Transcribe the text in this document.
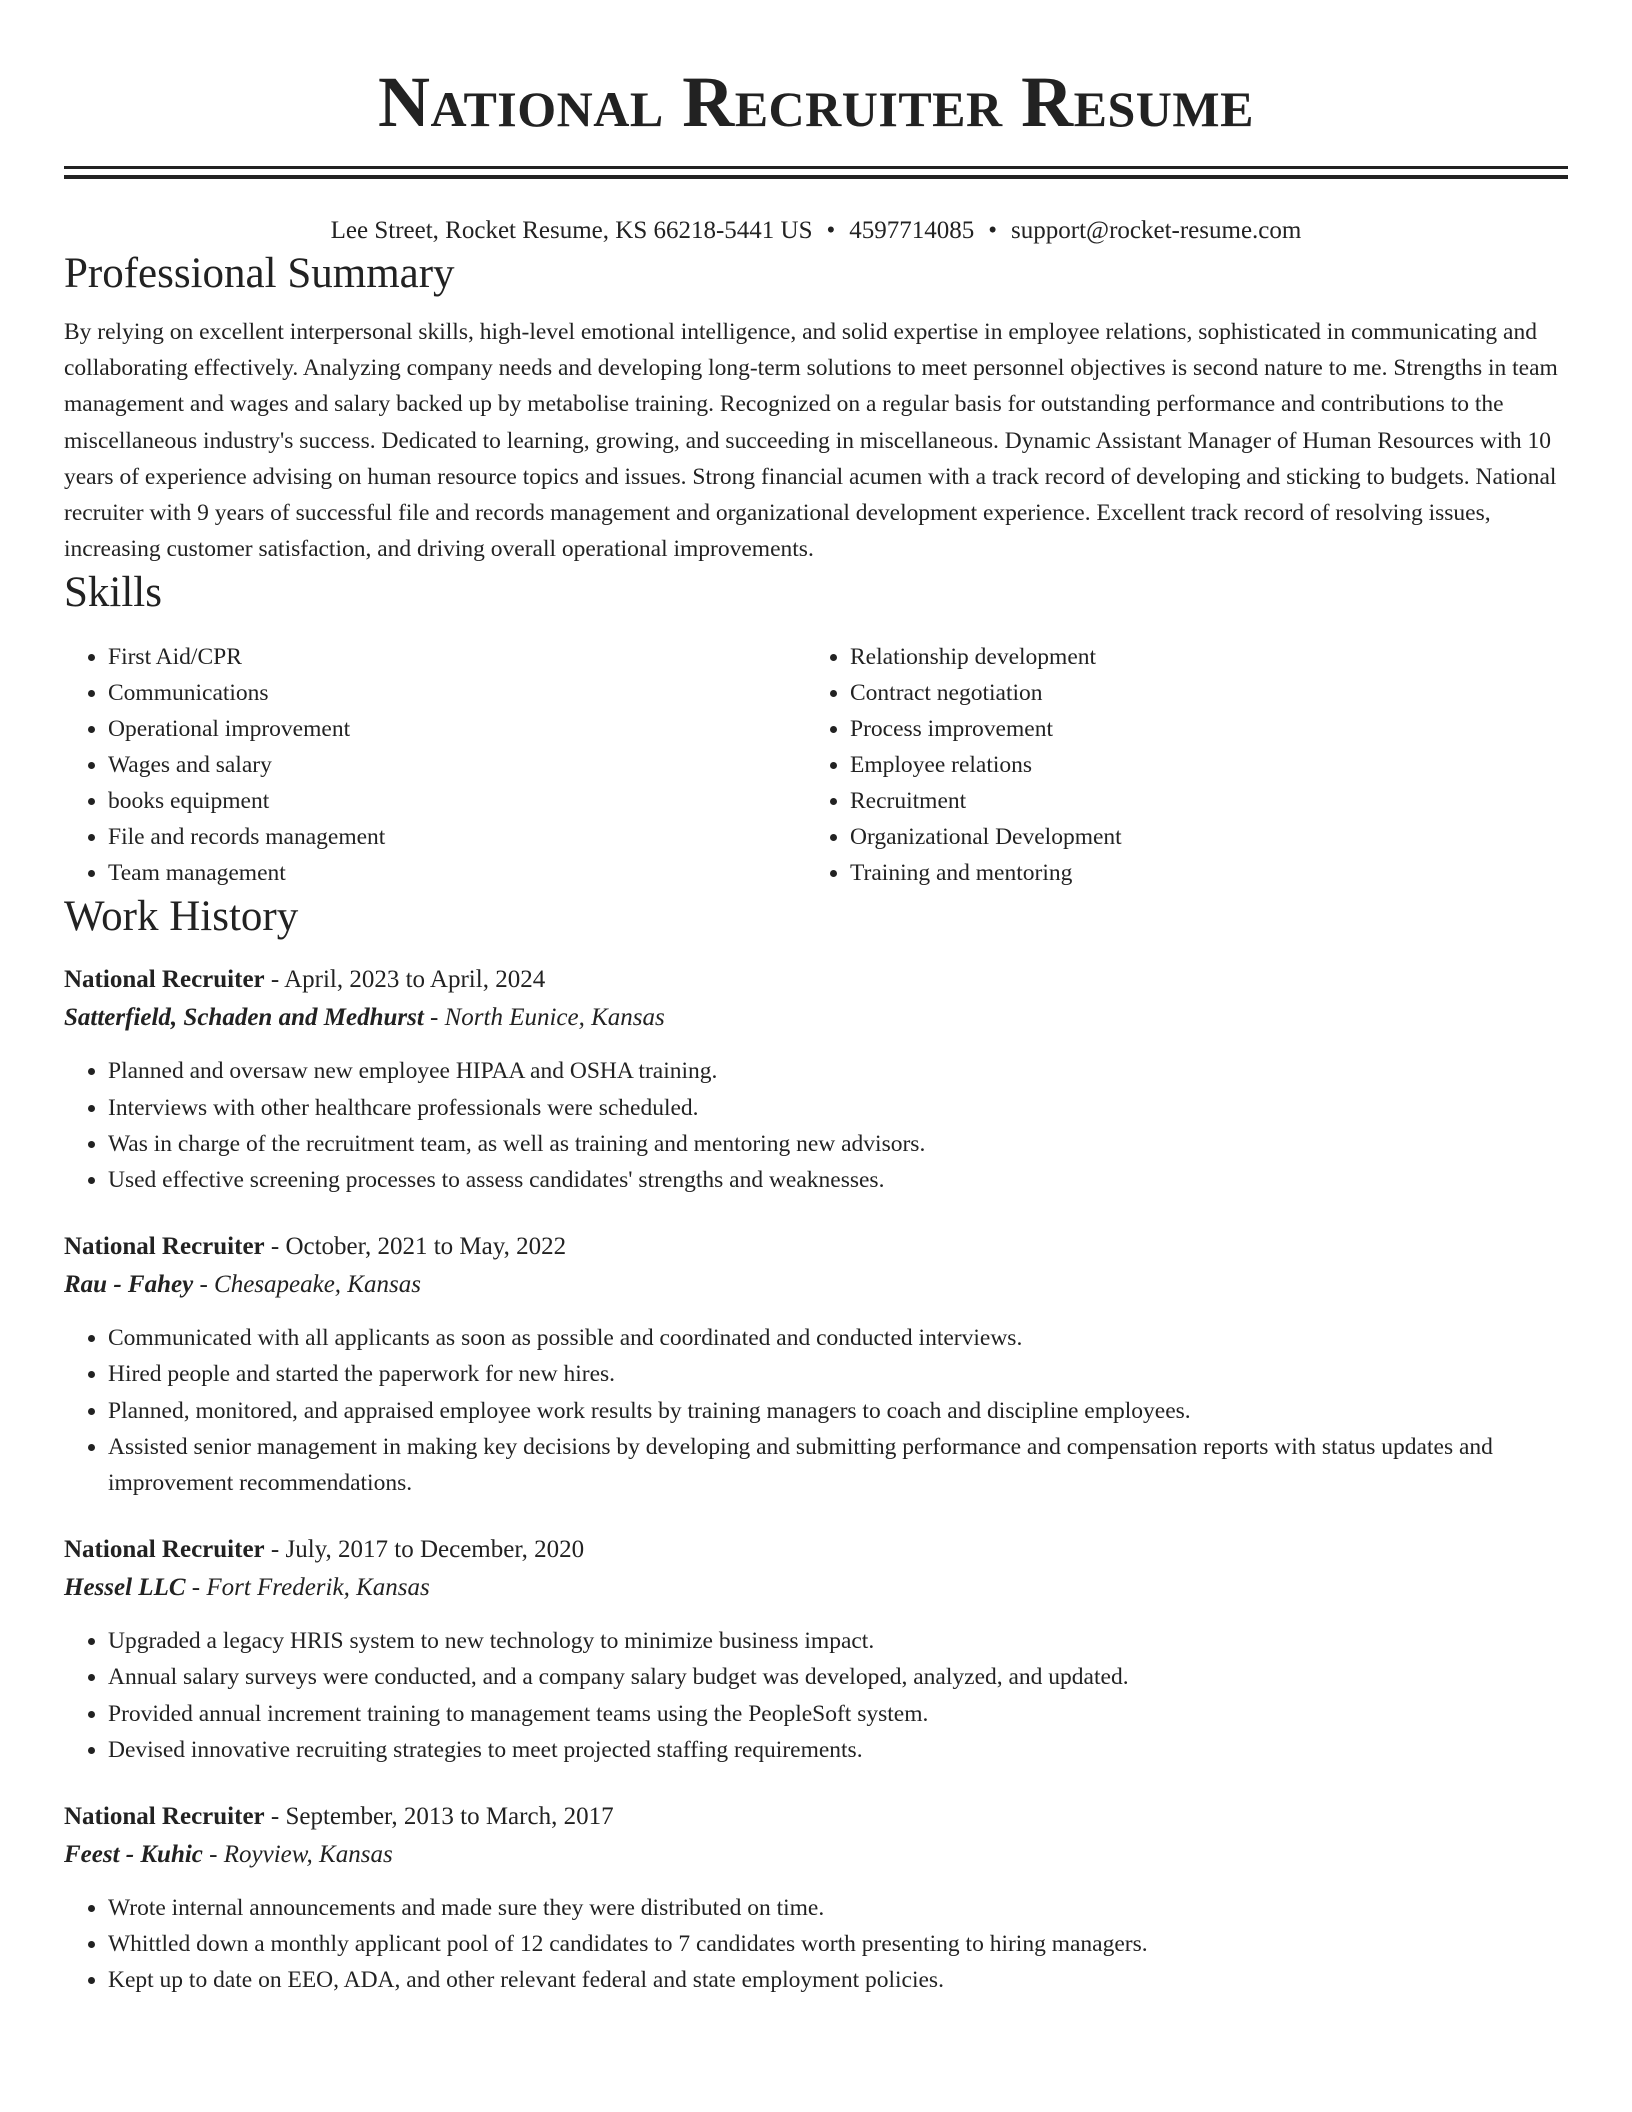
National Recruiter Resume
Lee Street, Rocket Resume, KS 66218-5441 US • 4597714085 • support@rocket-resume.com
Professional Summary

By relying on excellent interpersonal skills, high-level emotional intelligence, and solid expertise in employee relations, sophisticated in communicating and collaborating effectively. Analyzing company needs and developing long-term solutions to meet personnel objectives is second nature to me. Strengths in team management and wages and salary backed up by metabolise training. Recognized on a regular basis for outstanding performance and contributions to the miscellaneous industry's success. Dedicated to learning, growing, and succeeding in miscellaneous. Dynamic Assistant Manager of Human Resources with 10 years of experience advising on human resource topics and issues. Strong financial acumen with a track record of developing and sticking to budgets. National recruiter with 9 years of successful file and records management and organizational development experience. Excellent track record of resolving issues, increasing customer satisfaction, and driving overall operational improvements.

Skills
• First Aid/CPR
• Communications
• Operational improvement
• Wages and salary
• books equipment
• File and records management
• Team management
• Relationship development
• Contract negotiation
• Process improvement
• Employee relations
• Recruitment
• Organizational Development
• Training and mentoring
Work History
National Recruiter - April, 2023 to April, 2024
Satterfield, Schaden and Medhurst - North Eunice, Kansas
• Planned and oversaw new employee HIPAA and OSHA training.
• Interviews with other healthcare professionals were scheduled.
• Was in charge of the recruitment team, as well as training and mentoring new advisors.
• Used effective screening processes to assess candidates' strengths and weaknesses.
National Recruiter - October, 2021 to May, 2022
Rau - Fahey - Chesapeake, Kansas
• Communicated with all applicants as soon as possible and coordinated and conducted interviews.
• Hired people and started the paperwork for new hires.
• Planned, monitored, and appraised employee work results by training managers to coach and discipline employees.
• Assisted senior management in making key decisions by developing and submitting performance and compensation reports with status updates and improvement recommendations.
National Recruiter - July, 2017 to December, 2020
Hessel LLC - Fort Frederik, Kansas
• Upgraded a legacy HRIS system to new technology to minimize business impact.
• Annual salary surveys were conducted, and a company salary budget was developed, analyzed, and updated.
• Provided annual increment training to management teams using the PeopleSoft system.
• Devised innovative recruiting strategies to meet projected staffing requirements.
National Recruiter - September, 2013 to March, 2017
Feest - Kuhic - Royview, Kansas
• Wrote internal announcements and made sure they were distributed on time.
• Whittled down a monthly applicant pool of 12 candidates to 7 candidates worth presenting to hiring managers.
• Kept up to date on EEO, ADA, and other relevant federal and state employment policies.
